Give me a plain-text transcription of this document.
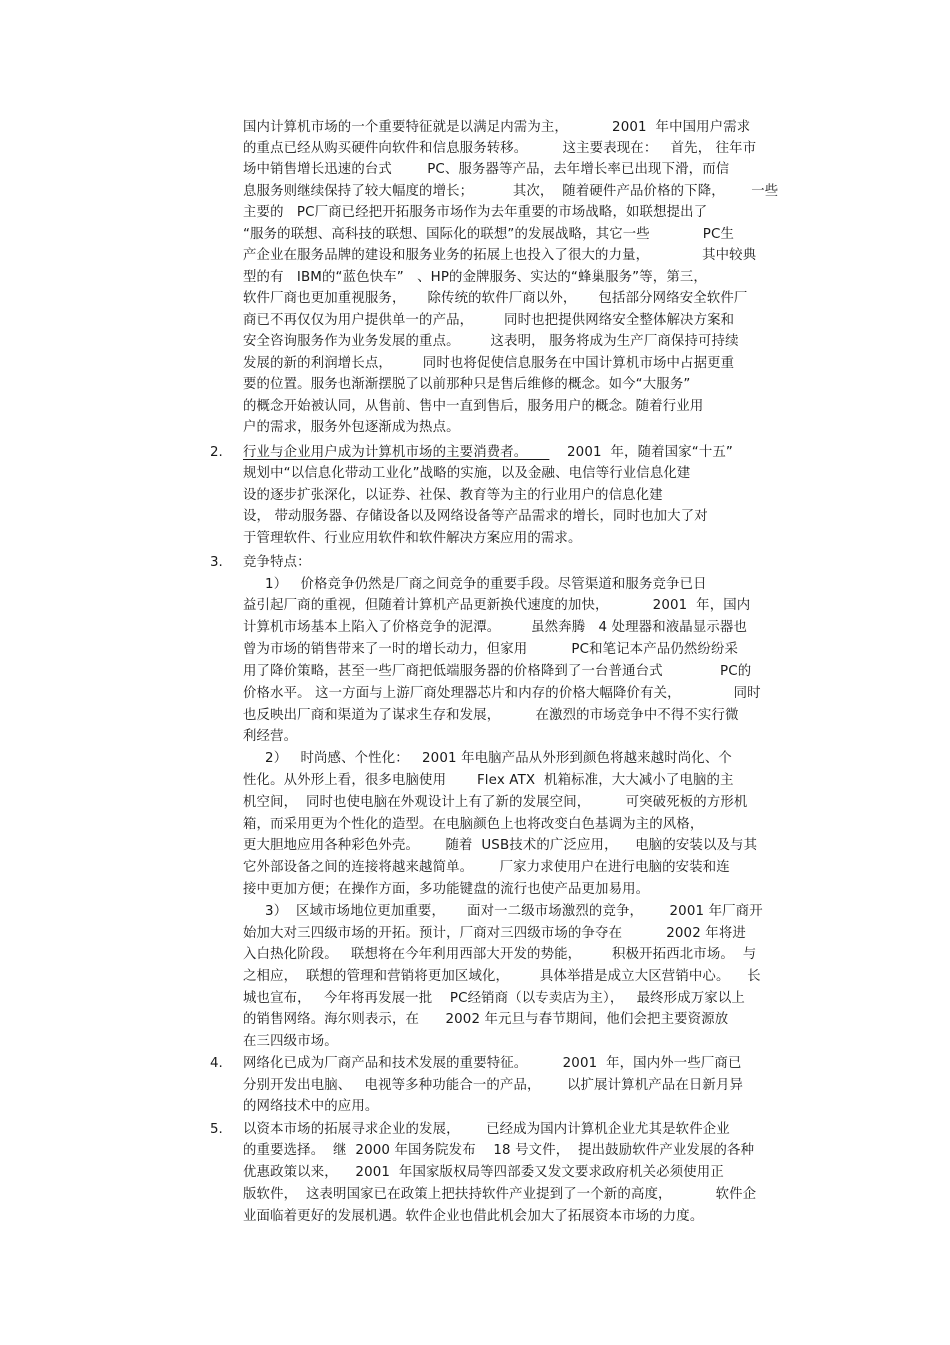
国内计算机市场的一个重要特征就是以满足内需为主，          2001  年中国用户需求
的重点已经从购买硬件向软件和信息服务转移。        这主要表现在：   首先， 往年市
场中销售增长迅速的台式        PC、服务器等产品，去年增长率已出现下滑，而信
息服务则继续保持了较大幅度的增长；         其次，  随着硬件产品价格的下降，      一些
主要的   PC厂商已经把开拓服务市场作为去年重要的市场战略，如联想提出了
“服务的联想、高科技的联想、国际化的联想”的发展战略，其它一些            PC生
产企业在服务品牌的建设和服务业务的拓展上也投入了很大的力量，            其中较典
型的有   IBM的“蓝色快车”   、HP的金牌服务、实达的“蜂巢服务”等，第三，
软件厂商也更加重视服务，     除传统的软件厂商以外，     包括部分网络安全软件厂
商已不再仅仅为用户提供单一的产品，       同时也把提供网络安全整体解决方案和
安全咨询服务作为业务发展的重点。       这表明， 服务将成为生产厂商保持可持续
发展的新的利润增长点，       同时也将促使信息服务在中国计算机市场中占据更重
要的位置。服务也渐渐摆脱了以前那种只是售后维修的概念。如今“大服务”
的概念开始被认同，从售前、售中一直到售后，服务用户的概念。随着行业用
户的需求，服务外包逐渐成为热点。
2. 行业与企业用户成为计算机市场的主要消费者。         2001  年，随着国家“十五”
规划中“以信息化带动工业化”战略的实施，以及金融、电信等行业信息化建
设的逐步扩张深化，以证券、社保、教育等为主的行业用户的信息化建
设， 带动服务器、存储设备以及网络设备等产品需求的增长，同时也加大了对
于管理软件、行业应用软件和软件解决方案应用的需求。
3. 竞争特点：
1）   价格竞争仍然是厂商之间竞争的重要手段。尽管渠道和服务竞争已日
益引起厂商的重视，但随着计算机产品更新换代速度的加快，          2001  年，国内
计算机市场基本上陷入了价格竞争的泥潭。       虽然奔腾   4 处理器和液晶显示器也
曾为市场的销售带来了一时的增长动力，但家用          PC和笔记本产品仍然纷纷采
用了降价策略，甚至一些厂商把低端服务器的价格降到了一台普通台式             PC的
价格水平。 这一方面与上游厂商处理器芯片和内存的价格大幅降价有关，            同时
也反映出厂商和渠道为了谋求生存和发展，        在激烈的市场竞争中不得不实行微
利经营。
2）   时尚感、个性化：   2001 年电脑产品从外形到颜色将越来越时尚化、个
性化。从外形上看，很多电脑使用       Flex ATX  机箱标准，大大减小了电脑的主
机空间，  同时也使电脑在外观设计上有了新的发展空间，        可突破死板的方形机
箱，而采用更为个性化的造型。在电脑颜色上也将改变白色基调为主的风格，
更大胆地应用各种彩色外壳。      随着  USB技术的广泛应用，    电脑的安装以及与其
它外部设备之间的连接将越来越简单。      厂家力求使用户在进行电脑的安装和连
接中更加方便；在操作方面，多功能键盘的流行也使产品更加易用。
3）  区域市场地位更加重要，     面对一二级市场激烈的竞争，      2001 年厂商开
始加大对三四级市场的开拓。预计，厂商对三四级市场的争夺在          2002 年将进
入白热化阶段。   联想将在今年利用西部大开发的势能，       积极开拓西北市场。  与
之相应，  联想的管理和营销将更加区域化，       具体举措是成立大区营销中心。    长
城也宣布，   今年将再发展一批    PC经销商（以专卖店为主），   最终形成万家以上
的销售网络。海尔则表示，在      2002 年元旦与春节期间，他们会把主要资源放
在三四级市场。
4. 网络化已成为厂商产品和技术发展的重要特征。        2001  年，国内外一些厂商已
分别开发出电脑、   电视等多种功能合一的产品，      以扩展计算机产品在日新月异
的网络技术中的应用。
5. 以资本市场的拓展寻求企业的发展，      已经成为国内计算机企业尤其是软件企业
的重要选择。  继  2000 年国务院发布    18 号文件，  提出鼓励软件产业发展的各种
优惠政策以来，    2001  年国家版权局等四部委又发文要求政府机关必须使用正
版软件，  这表明国家已在政策上把扶持软件产业提到了一个新的高度，          软件企
业面临着更好的发展机遇。软件企业也借此机会加大了拓展资本市场的力度。
